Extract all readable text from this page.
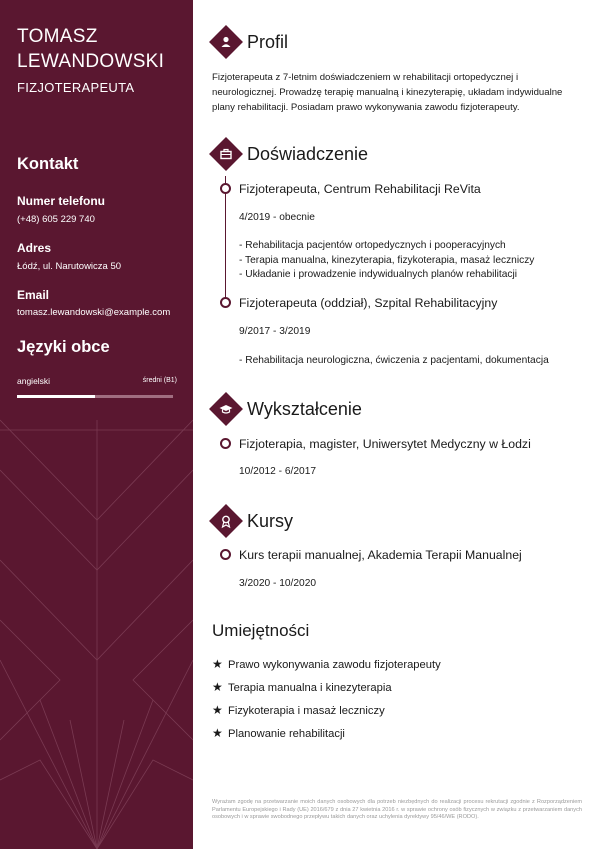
TOMASZ
LEWANDOWSKI
FIZJOTERAPEUTA
Kontakt
Numer telefonu
(+48) 605 229 740
Adres
Łódź, ul. Narutowicza 50
Email
tomasz.lewandowski@example.com
Języki obce
angielski	średni (B1)
Profil
Fizjoterapeuta z 7-letnim doświadczeniem w rehabilitacji ortopedycznej i neurologicznej. Prowadzę terapię manualną i kinezyterapię, układam indywidualne plany rehabilitacji. Posiadam prawo wykonywania zawodu fizjoterapeuty.
Doświadczenie
Fizjoterapeuta, Centrum Rehabilitacji ReVita
4/2019 - obecnie
- Rehabilitacja pacjentów ortopedycznych i pooperacyjnych
- Terapia manualna, kinezyterapia, fizykoterapia, masaż leczniczy
- Układanie i prowadzenie indywidualnych planów rehabilitacji
Fizjoterapeuta (oddział), Szpital Rehabilitacyjny
9/2017 - 3/2019
- Rehabilitacja neurologiczna, ćwiczenia z pacjentami, dokumentacja
Wykształcenie
Fizjoterapia, magister, Uniwersytet Medyczny w Łodzi
10/2012 - 6/2017
Kursy
Kurs terapii manualnej, Akademia Terapii Manualnej
3/2020 - 10/2020
Umiejętności
★ Prawo wykonywania zawodu fizjoterapeuty
★ Terapia manualna i kinezyterapia
★ Fizykoterapia i masaż leczniczy
★ Planowanie rehabilitacji
Wyrażam zgodę na przetwarzanie moich danych osobowych dla potrzeb niezbędnych do realizacji procesu rekrutacji zgodnie z Rozporządzeniem Parlamentu Europejskiego i Rady (UE) 2016/679 z dnia 27 kwietnia 2016 r. w sprawie ochrony osób fizycznych w związku z przetwarzaniem danych osobowych i w sprawie swobodnego przepływu takich danych oraz uchylenia dyrektywy 95/46/WE (RODO).
